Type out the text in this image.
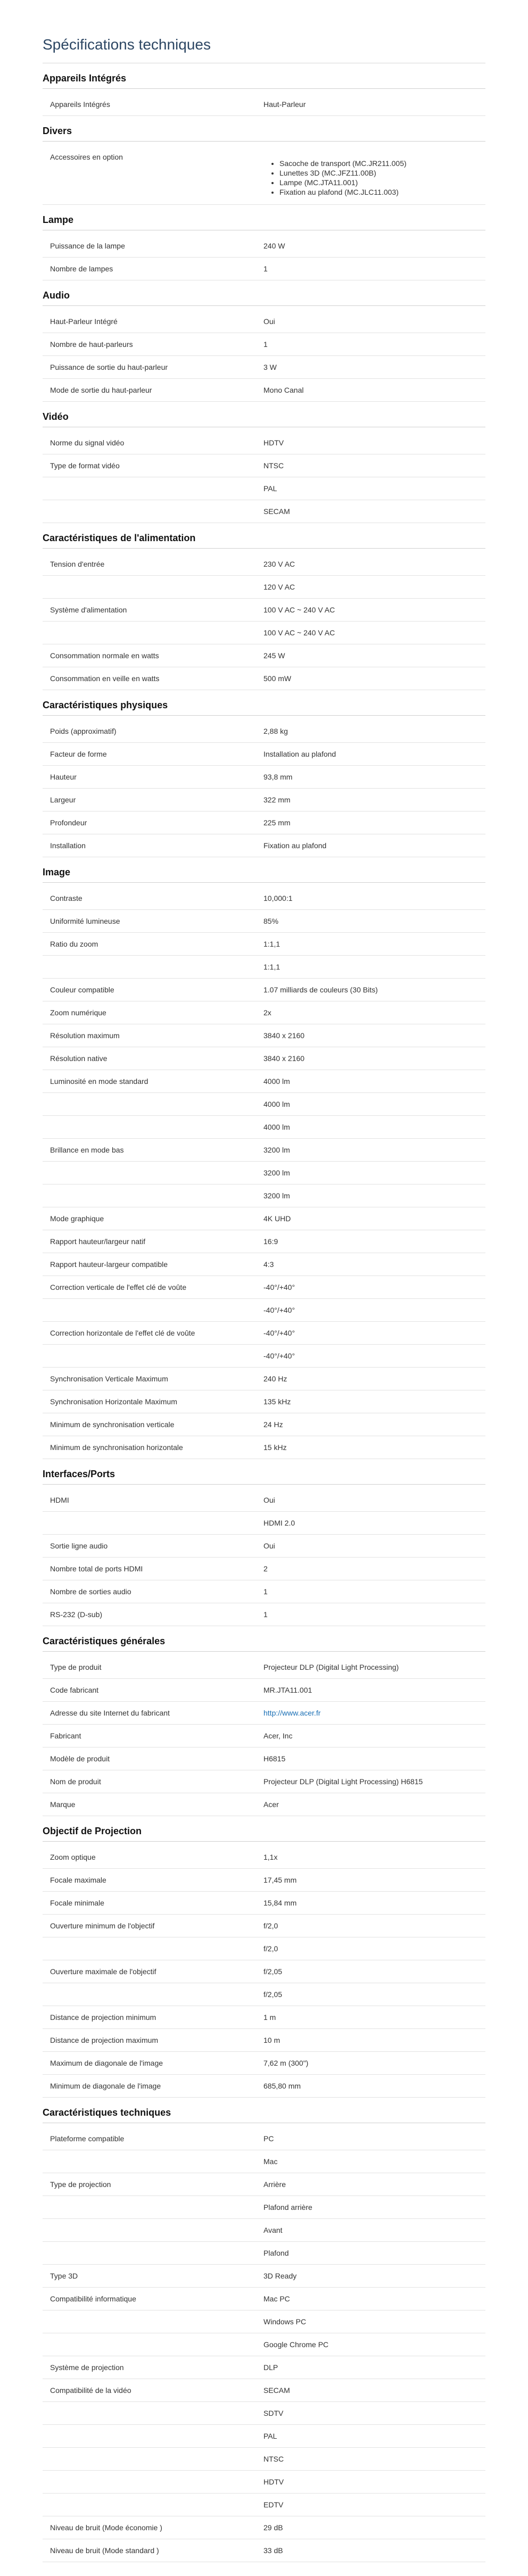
Spécifications techniques
Appareils Intégrés
Appareils Intégrés	Haut-Parleur
Divers
Accessoires en option
• Sacoche de transport (MC.JR211.005)
• Lunettes 3D (MC.JFZ11.00B)
• Lampe (MC.JTA11.001)
• Fixation au plafond (MC.JLC11.003)
Lampe
Puissance de la lampe	240 W
Nombre de lampes	1
Audio
Haut-Parleur Intégré	Oui
Nombre de haut-parleurs	1
Puissance de sortie du haut-parleur	3 W
Mode de sortie du haut-parleur	Mono Canal
Vidéo
Norme du signal vidéo	HDTV
Type de format vidéo	NTSC
PAL
SECAM
Caractéristiques de l'alimentation
Tension d'entrée	230 V AC
120 V AC
Système d'alimentation	100 V AC ~ 240 V AC
100 V AC ~ 240 V AC
Consommation normale en watts	245 W
Consommation en veille en watts	500 mW
Caractéristiques physiques
Poids (approximatif)	2,88 kg
Facteur de forme	Installation au plafond
Hauteur	93,8 mm
Largeur	322 mm
Profondeur	225 mm
Installation	Fixation au plafond
Image
Contraste	10,000:1
Uniformité lumineuse	85%
Ratio du zoom	1:1,1
1:1,1
Couleur compatible	1.07 milliards de couleurs (30 Bits)
Zoom numérique	2x
Résolution maximum	3840 x 2160
Résolution native	3840 x 2160
Luminosité en mode standard	4000 lm
4000 lm
4000 lm
Brillance en mode bas	3200 lm
3200 lm
3200 lm
Mode graphique	4K UHD
Rapport hauteur/largeur natif	16:9
Rapport hauteur-largeur compatible	4:3
Correction verticale de l'effet clé de voûte	-40°/+40°
-40°/+40°
Correction horizontale de l'effet clé de voûte	-40°/+40°
-40°/+40°
Synchronisation Verticale Maximum	240 Hz
Synchronisation Horizontale Maximum	135 kHz
Minimum de synchronisation verticale	24 Hz
Minimum de synchronisation horizontale	15 kHz
Interfaces/Ports
HDMI	Oui
HDMI 2.0
Sortie ligne audio	Oui
Nombre total de ports HDMI	2
Nombre de sorties audio	1
RS-232 (D-sub)	1
Caractéristiques générales
Type de produit	Projecteur DLP (Digital Light Processing)
Code fabricant	MR.JTA11.001
Adresse du site Internet du fabricant	http://www.acer.fr
Fabricant	Acer, Inc
Modèle de produit	H6815
Nom de produit	Projecteur DLP (Digital Light Processing) H6815
Marque	Acer
Objectif de Projection
Zoom optique	1,1x
Focale maximale	17,45 mm
Focale minimale	15,84 mm
Ouverture minimum de l'objectif	f/2,0
f/2,0
Ouverture maximale de l'objectif	f/2,05
f/2,05
Distance de projection minimum	1 m
Distance de projection maximum	10 m
Maximum de diagonale de l'image	7,62 m (300")
Minimum de diagonale de l'image	685,80 mm
Caractéristiques techniques
Plateforme compatible	PC
Mac
Type de projection	Arrière
Plafond arrière
Avant
Plafond
Type 3D	3D Ready
Compatibilité informatique	Mac PC
Windows PC
Google Chrome PC
Système de projection	DLP
Compatibilité de la vidéo	SECAM
SDTV
PAL
NTSC
HDTV
EDTV
Niveau de bruit (Mode économie )	29 dB
Niveau de bruit (Mode standard )	33 dB
